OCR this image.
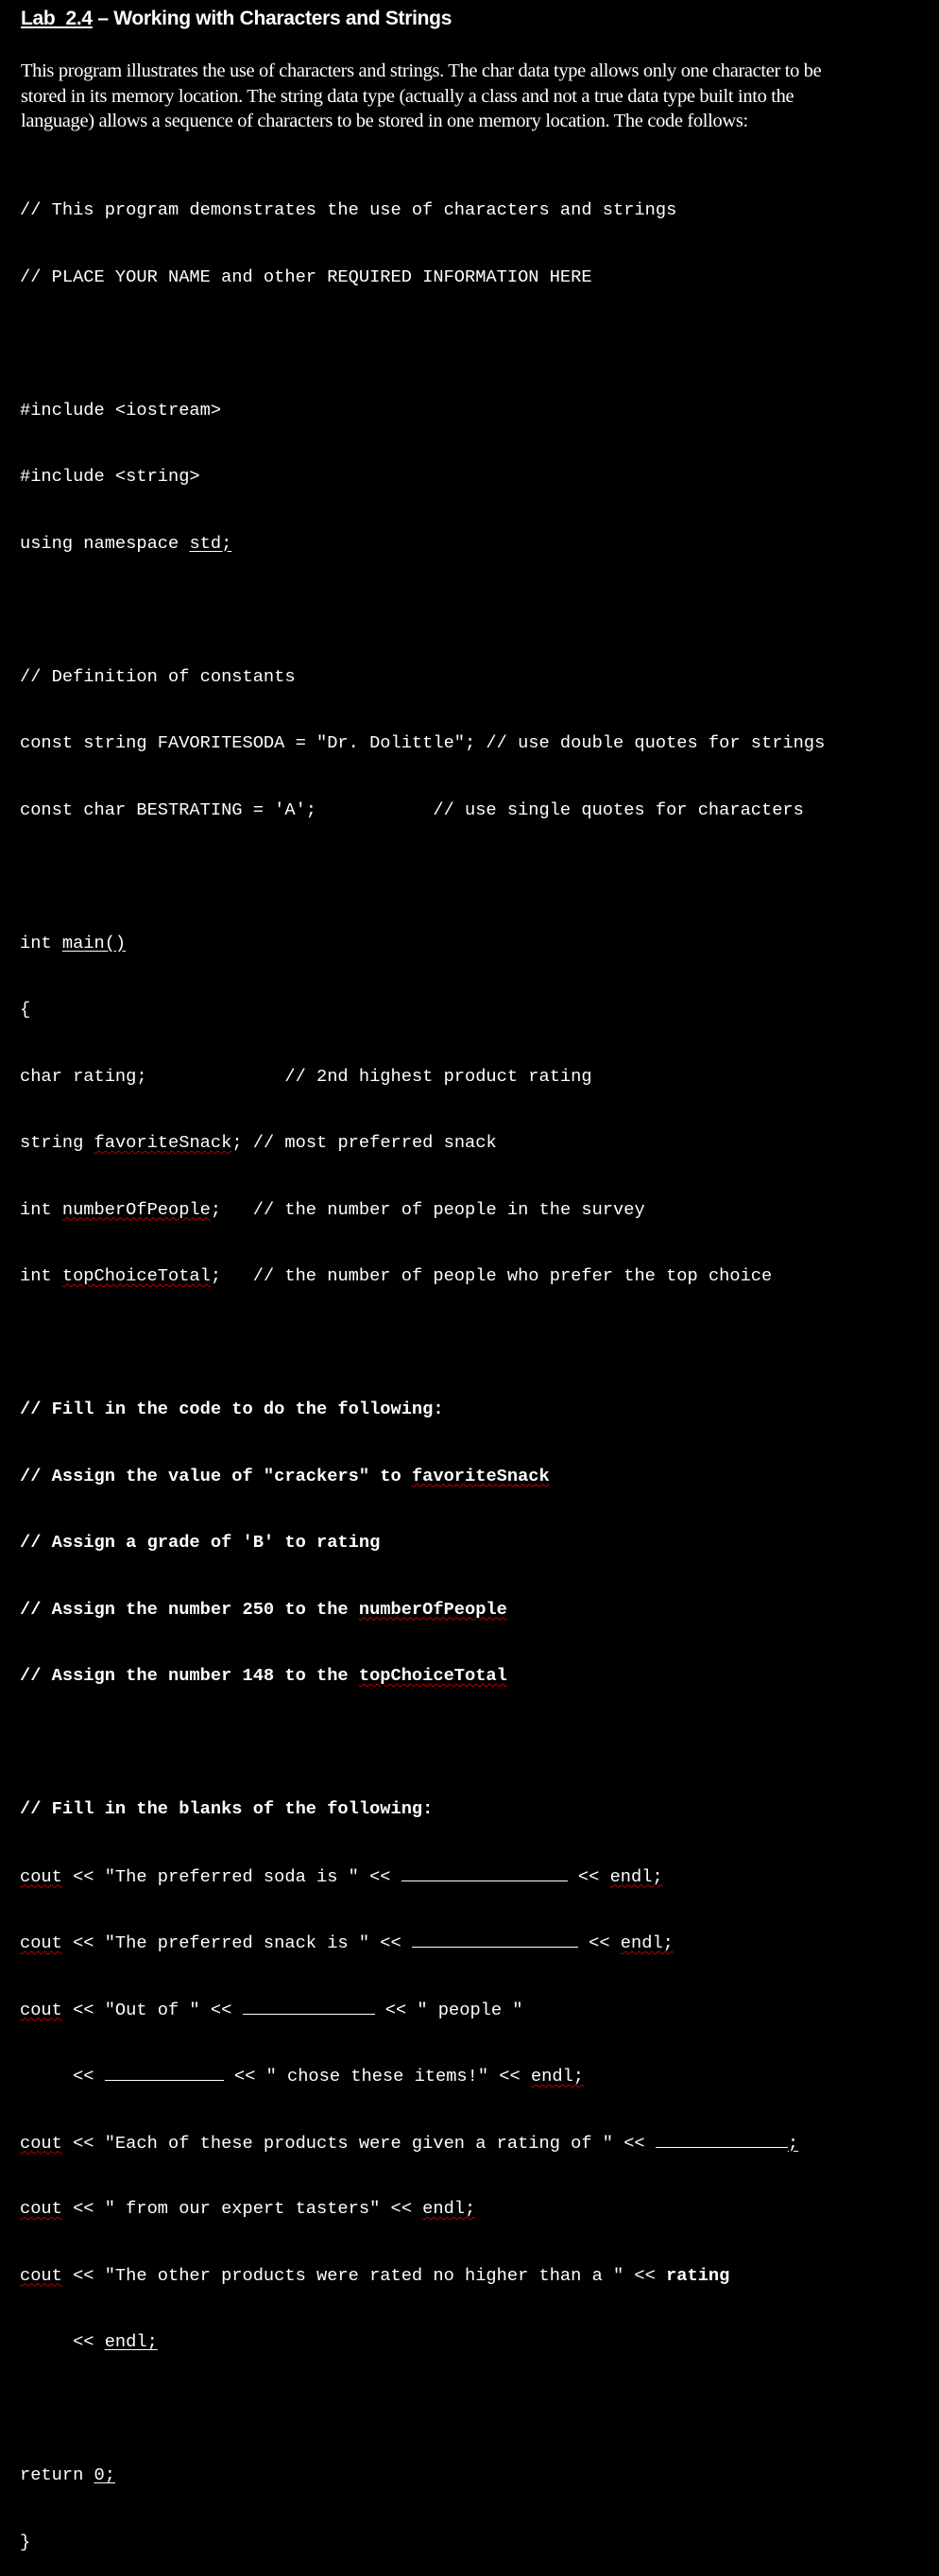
Lab  2.4 – Working with Characters and Strings
This program illustrates the use of characters and strings. The char data type allows only one character to be
stored in its memory location. The string data type (actually a class and not a true data type built into the
language) allows a sequence of characters to be stored in one memory location. The code follows:

// This program demonstrates the use of characters and strings

// PLACE YOUR NAME and other REQUIRED INFORMATION HERE

#include <iostream>

#include <string>

using namespace std;

// Definition of constants

const string FAVORITESODA = "Dr. Dolittle"; // use double quotes for strings

const char BESTRATING = 'A';           // use single quotes for characters

int main()

{

char rating;             // 2nd highest product rating

string favoriteSnack; // most preferred snack

int numberOfPeople;   // the number of people in the survey

int topChoiceTotal;   // the number of people who prefer the top choice

// Fill in the code to do the following:

// Assign the value of "crackers" to favoriteSnack

// Assign a grade of 'B' to rating

// Assign the number 250 to the numberOfPeople

// Assign the number 148 to the topChoiceTotal

// Fill in the blanks of the following:

cout << "The preferred soda is " <<	<< endl;

cout << "The preferred snack is " <<	<< endl;

cout << "Out of " <<	<< " people "

<<	<< " chose these items!" << endl;

cout << "Each of these products were given a rating of " <<	;

cout << " from our expert tasters" << endl;

cout << "The other products were rated no higher than a " << rating

<< endl;

return 0;

}
